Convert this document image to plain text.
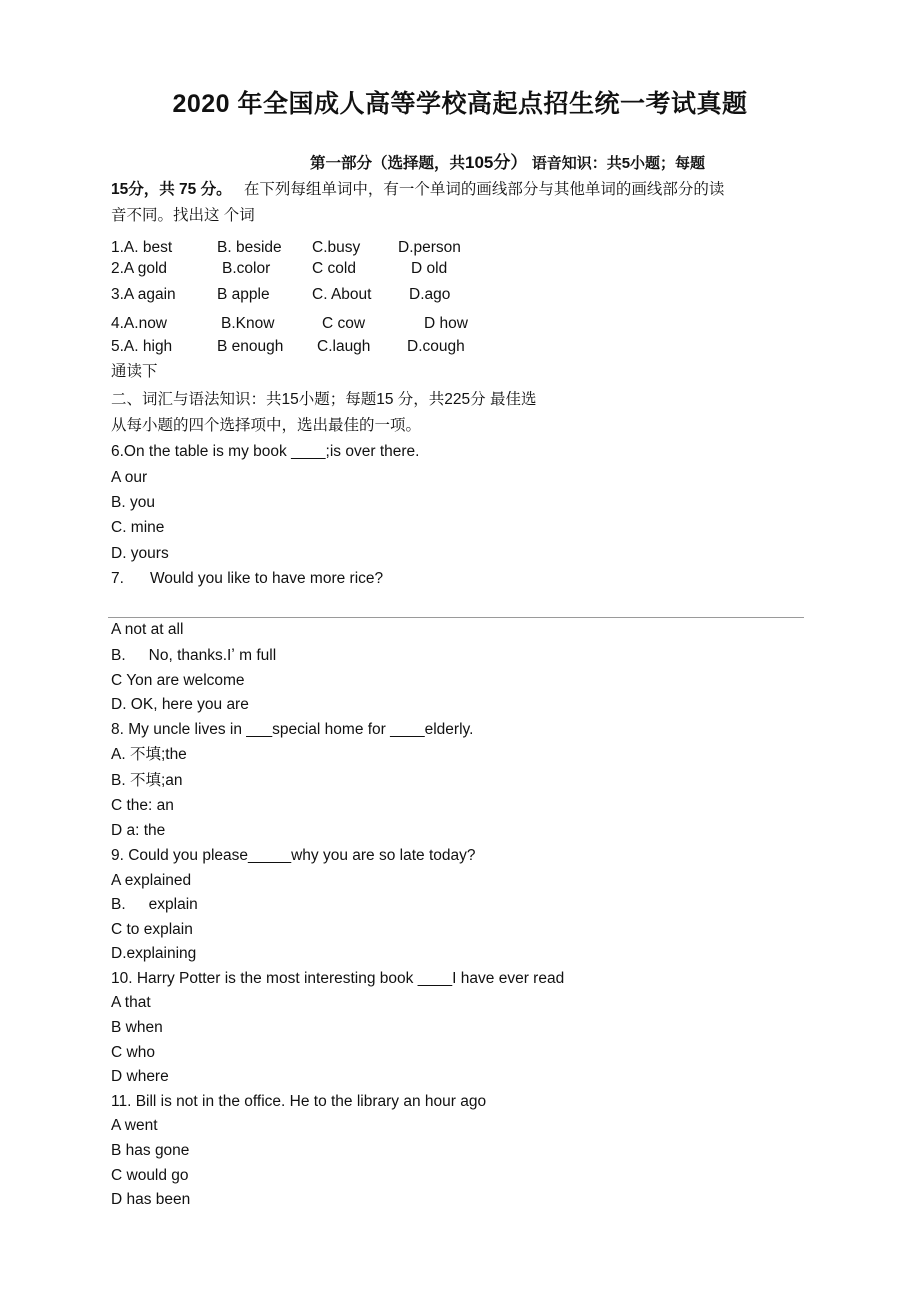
2020 年全国成人高等学校高起点招生统一考试真题
第一部分（选择题，共105分） 语音知识：共5小题；每题
15分，共 75 分。 在下列每组单词中，有一个单词的画线部分与其他单词的画线部分的读
音不同。找出这 个词
1.A. best	B. beside C.busy D.person
2.A gold	B.color	C cold	D old
3.A again	B apple	C. About D.ago
4.A.now	B.Know	C cow	D how
5.A. high	B enough C.laugh D.cough
通读下
二、词汇与语法知识：共15小题；每题15 分，共225分 最佳选
从每小题的四个选择项中，选出最佳的一项。
6.On the table is my book ____;is over there.
A our
B. you
C. mine
D. yours
7. Would you like to have more rice?
A not at all
B. No, thanks.Iʼ m full
C Yon are welcome
D. OK, here you are
8. My uncle lives in ___special home for ____elderly.
A. 不填;the
B. 不填;an
C the: an
D a: the
9. Could you please_____why you are so late today?
A explained
B. explain
C to explain
D.explaining
10. Harry Potter is the most interesting book ____I have ever read
A that
B when
C who
D where
11. Bill is not in the office. He to the library an hour ago
A went
B has gone
C would go
D has been
